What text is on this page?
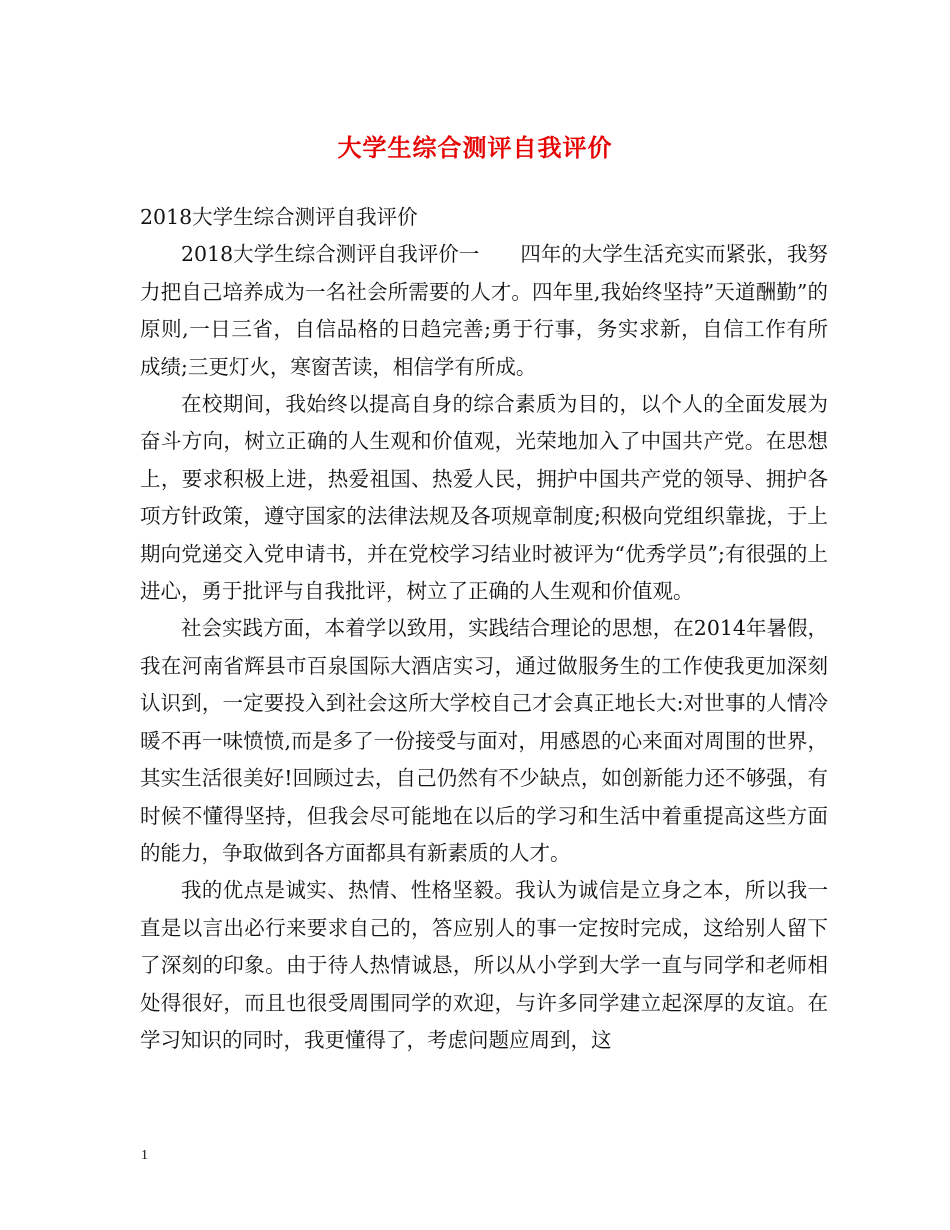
大学生综合测评自我评价

2018大学生综合测评自我评价

2018大学生综合测评自我评价一　　四年的大学生活充实而紧张，我努力把自己培养成为一名社会所需要的人才。四年里,我始终坚持”天道酬勤”的原则,一日三省，自信品格的日趋完善;勇于行事，务实求新，自信工作有所成绩;三更灯火，寒窗苦读，相信学有所成。

在校期间，我始终以提高自身的综合素质为目的，以个人的全面发展为奋斗方向，树立正确的人生观和价值观，光荣地加入了中国共产党。在思想上，要求积极上进，热爱祖国、热爱人民，拥护中国共产党的领导、拥护各项方针政策，遵守国家的法律法规及各项规章制度;积极向党组织靠拢，于上期向党递交入党申请书，并在党校学习结业时被评为“优秀学员”;有很强的上进心，勇于批评与自我批评，树立了正确的人生观和价值观。

社会实践方面，本着学以致用，实践结合理论的思想，在2014年暑假，我在河南省辉县市百泉国际大酒店实习，通过做服务生的工作使我更加深刻认识到，一定要投入到社会这所大学校自己才会真正地长大:对世事的人情冷暖不再一味愤愤,而是多了一份接受与面对，用感恩的心来面对周围的世界，其实生活很美好!回顾过去，自己仍然有不少缺点，如创新能力还不够强，有时候不懂得坚持，但我会尽可能地在以后的学习和生活中着重提高这些方面的能力，争取做到各方面都具有新素质的人才。

我的优点是诚实、热情、性格坚毅。我认为诚信是立身之本，所以我一直是以言出必行来要求自己的，答应别人的事一定按时完成，这给别人留下了深刻的印象。由于待人热情诚恳，所以从小学到大学一直与同学和老师相处得很好，而且也很受周围同学的欢迎，与许多同学建立起深厚的友谊。在学习知识的同时，我更懂得了，考虑问题应周到，这

1
